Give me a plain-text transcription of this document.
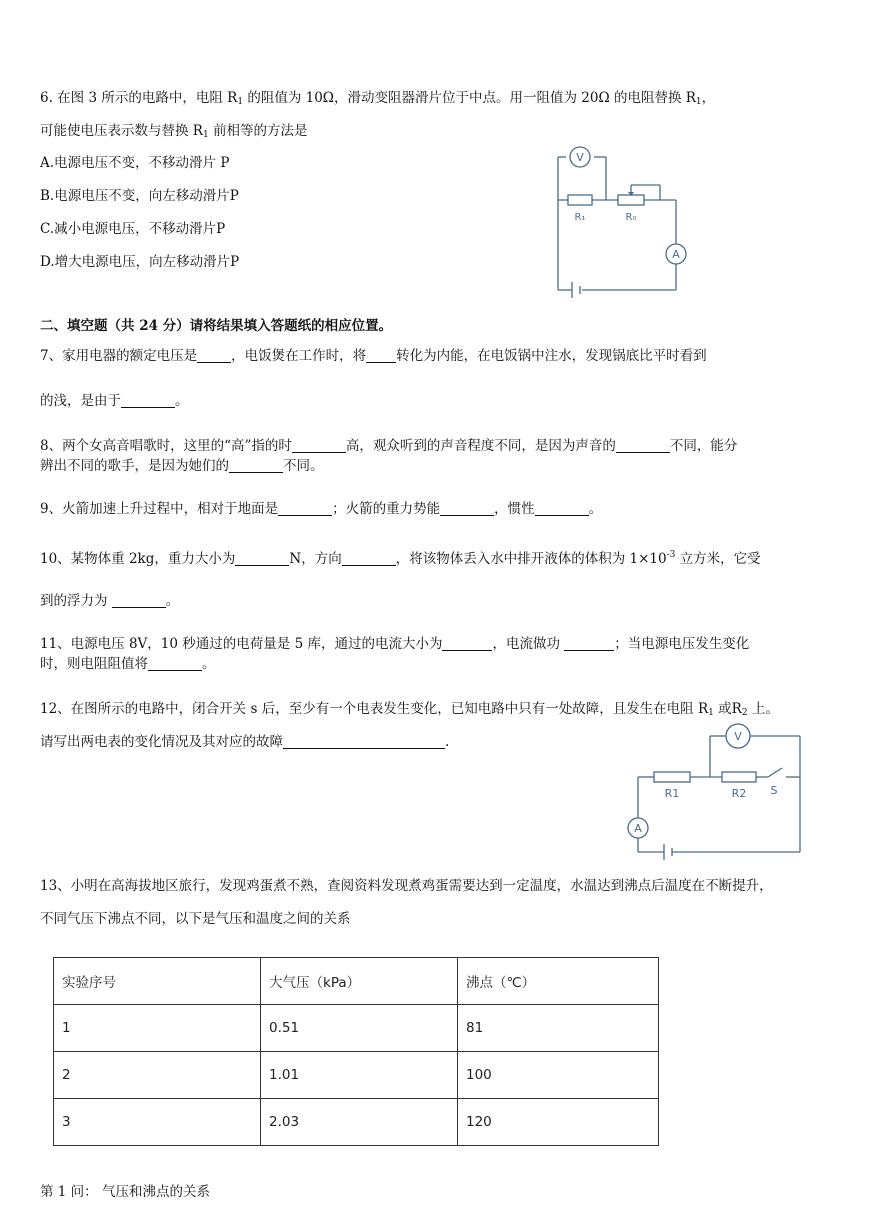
6. 在图 3 所示的电路中，电阻 $R_1$ 的阻值为 10Ω，滑动变阻器滑片位于中点。用一阻值为 20Ω 的电阻替换 $R_1$，
可能使电压表示数与替换 $R_1$ 前相等的方法是
A.电源电压不变，不移动滑片 P
B.电源电压不变，向左移动滑片P
C.减小电源电压，不移动滑片P
D.增大电源电压，向左移动滑片P
V
A
R₁	R₀
二、填空题（共 24 分）请将结果填入答题纸的相应位置。
7、家用电器的额定电压是	，电饭煲在工作时，将 转化为内能，在电饭锅中注水，发现锅底比平时看到
的浅，是由于	。
8、两个女高音唱歌时，这里的“高”指的时	高，观众听到的声音程度不同，是因为声音的	不同，能分
辨出不同的歌手，是因为她们的	不同。
9、火箭加速上升过程中，相对于地面是	；火箭的重力势能	，惯性	。
10、某物体重 2kg，重力大小为	N，方向	，将该物体丢入水中排开液体的体积为 $1\times 10^{-3}$ 立方米，它受
到的浮力为	。
11、电源电压 8V，10 秒通过的电荷量是 5 库，通过的电流大小为	，电流做功	；当电源电压发生变化
时，则电阻阻值将	。
12、在图所示的电路中，闭合开关 s 后，至少有一个电表发生变化，已知电路中只有一处故障，且发生在电阻 $R_1$ 或$R_2$ 上。
请写出两电表的变化情况及其对应的故障	.	V
A
R1	R2 S
13、小明在高海拔地区旅行，发现鸡蛋煮不熟，查阅资料发现煮鸡蛋需要达到一定温度，水温达到沸点后温度在不断提升，
不同气压下沸点不同，以下是气压和温度之间的关系
实验序号	大气压（kPa）	沸点（℃）
1	0.51	81
2	1.01	100
3	2.03	120
第 1 问： 气压和沸点的关系
